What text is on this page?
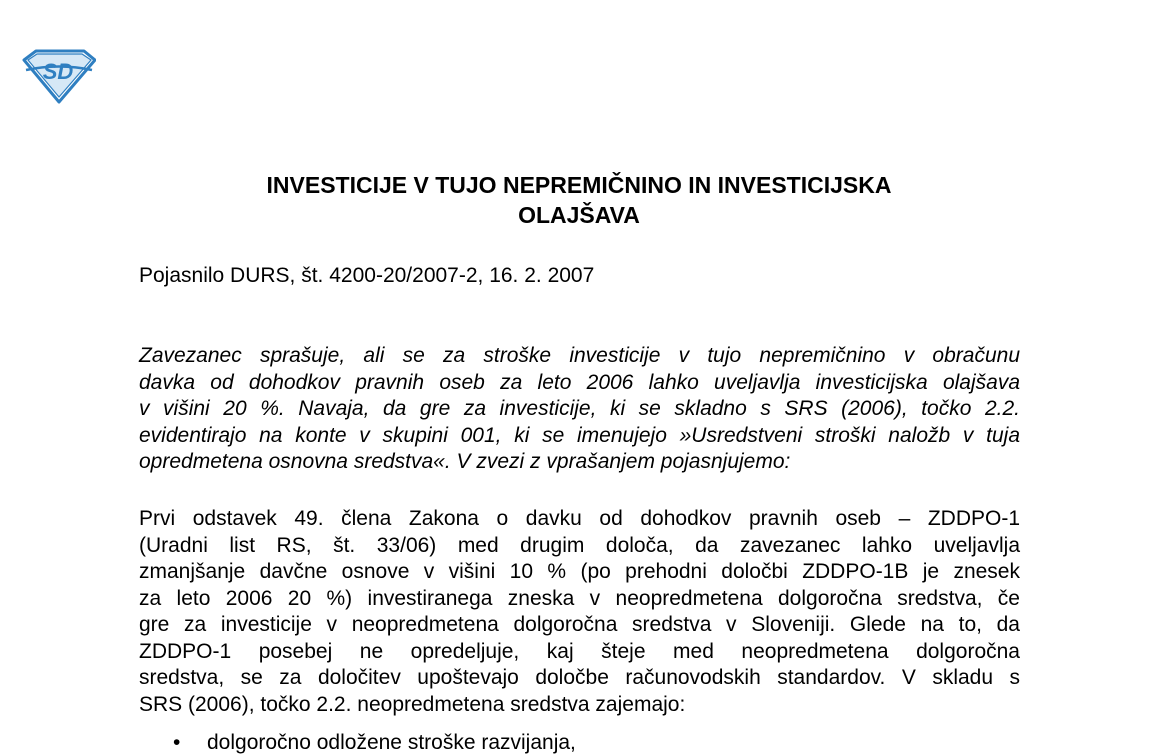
SD
INVESTICIJE V TUJO NEPREMIČNINO IN INVESTICIJSKA
OLAJŠAVA

Pojasnilo DURS, št. 4200-20/2007-2, 16. 2. 2007

Zavezanec sprašuje, ali se za stroške investicije v tujo nepremičnino v obračunu
davka od dohodkov pravnih oseb za leto 2006 lahko uveljavlja investicijska olajšava
v višini 20 %. Navaja, da gre za investicije, ki se skladno s SRS (2006), točko 2.2.
evidentirajo na konte v skupini 001, ki se imenujejo »Usredstveni stroški naložb v tuja
opredmetena osnovna sredstva«. V zvezi z vprašanjem pojasnjujemo:

Prvi odstavek 49. člena Zakona o davku od dohodkov pravnih oseb – ZDDPO-1
(Uradni list RS, št. 33/06) med drugim določa, da zavezanec lahko uveljavlja
zmanjšanje davčne osnove v višini 10 % (po prehodni določbi ZDDPO-1B je znesek
za leto 2006 20 %) investiranega zneska v neopredmetena dolgoročna sredstva, če
gre za investicije v neopredmetena dolgoročna sredstva v Sloveniji. Glede na to, da
ZDDPO-1 posebej ne opredeljuje, kaj šteje med neopredmetena dolgoročna
sredstva, se za določitev upoštevajo določbe računovodskih standardov. V skladu s
SRS (2006), točko 2.2. neopredmetena sredstva zajemajo:

• dolgoročno odložene stroške razvijanja,
